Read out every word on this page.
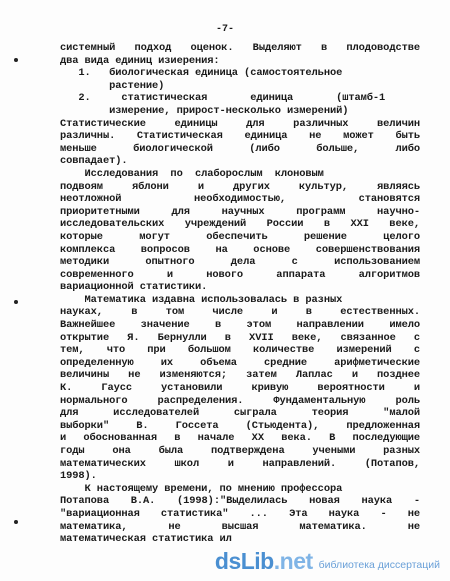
-7-
системный подход оценок. Выделяют в плодоводстве
два вида единиц изиерения:
1.   биологическая единица (самостоятельное
растение)
2.     статистическая       единица       (штамб-1
измерение, прирост-несколько измерений)
Статистические единицы для различных величин
различны. Статистическая единица не может быть
меньше биологической (либо больше, либо
совпадает).
Исследования  по  слаборослым  клоновым
подвоям яблони и других культур, являясь
неотложной необходимостью, становятся
приоритетными для научных программ научно-
исследовательских учреждений России в XXI веке,
которые могут обеспечить решение целого
комплекса вопросов на основе совершенствования
методики опытного дела с использованием
современного и нового аппарата алгоритмов
вариационной статистики.
Математика издавна использовалась в разных
науках, в том числе и в естественных.
Важнейшее значение в этом направлении имело
открытие Я. Бернулли в XVII веке, связанное с
тем, что при большом количестве измерений с
определенную их объема средние арифметические
величины не изменяются; затем Лаплас и позднее
К. Гаусс установили кривую вероятности и
нормального распределения. Фундаментальную роль
для исследователей сыграла теория "малой
выборки" В. Госсета (Стьюдента), предложенная
и обоснованная в начале XX века. В последующие
годы она была подтверждена учеными разных
математических школ и направлений. (Потапов,
1998).
К настоящему времени, по мнению профессора
Потапова В.А. (1998):"Выделилась новая наука -
"вариационная статистика" ... Эта наука - не
математика, не высшая математика. не
математическая статистика ил
dsLib.net библиотека диссертаций
